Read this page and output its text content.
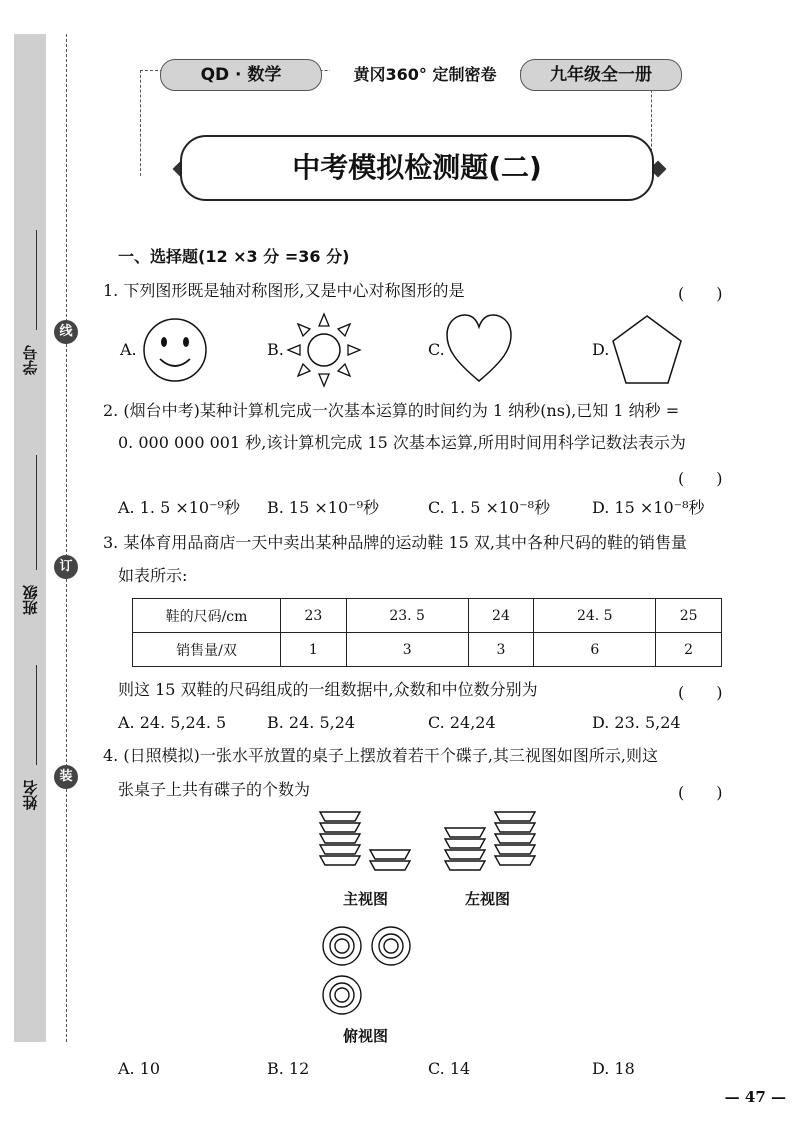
线
订
装
学号
班级
姓名
QD · 数学	黄冈360° 定制密卷	九年级全一册
中考模拟检测题(二)
一、选择题(12 ×3 分 =36 分)
1. 下列图形既是轴对称图形,又是中心对称图形的是	(　　)
A.	B.	C.	D.
2. (烟台中考)某种计算机完成一次基本运算的时间约为 1 纳秒(ns),已知 1 纳秒 =
0. 000 000 001 秒,该计算机完成 15 次基本运算,所用时间用科学记数法表示为
(　　)
A. 1. 5 ×10⁻⁹秒 B. 15 ×10⁻⁹秒	C. 1. 5 ×10⁻⁸秒	D. 15 ×10⁻⁸秒
3. 某体育用品商店一天中卖出某种品牌的运动鞋 15 双,其中各种尺码的鞋的销售量
如表所示:
鞋的尺码/cm	23	23. 5	24	24. 5	25
销售量/双	1	3	3	6	2
则这 15 双鞋的尺码组成的一组数据中,众数和中位数分别为	(　　)
A. 24. 5,24. 5	B. 24. 5,24	C. 24,24	D. 23. 5,24
4. (日照模拟)一张水平放置的桌子上摆放着若干个碟子,其三视图如图所示,则这
张桌子上共有碟子的个数为	(　　)
主视图	左视图
俯视图
A. 10	B. 12	C. 14	D. 18
— 47 —
